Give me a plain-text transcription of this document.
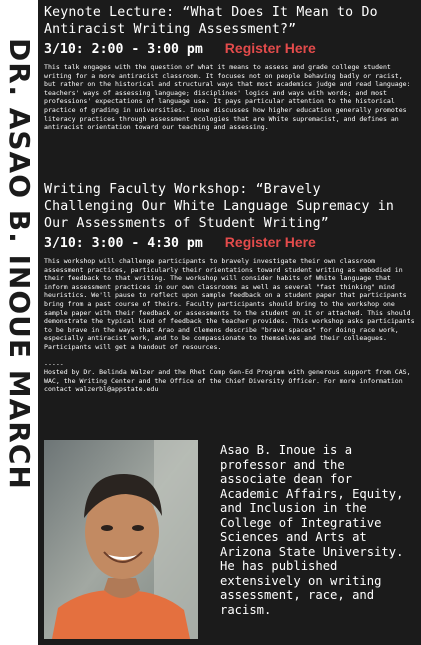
DR. ASAO B. INOUE MARCH

Keynote Lecture: “What Does It Mean to Do Antiracist Writing Assessment?”

3/10: 2:00 - 3:00 pm Register Here

This talk engages with the question of what it means to assess and grade college student writing for a more antiracist classroom. It focuses not on people behaving badly or racist, but rather on the historical and structural ways that most academics judge and read language: teachers' ways of assessing language; disciplines' logics and ways with words; and most professions' expectations of language use. It pays particular attention to the historical practice of grading in universities. Inoue discusses how higher education generally promotes literacy practices through assessment ecologies that are White supremacist, and defines an antiracist orientation toward our teaching and assessing.

Writing Faculty Workshop: “Bravely Challenging Our White Language Supremacy in Our Assessments of Student Writing”

3/10: 3:00 - 4:30 pm Register Here

This workshop will challenge participants to bravely investigate their own classroom assessment practices, particularly their orientations toward student writing as embodied in their feedback to that writing. The workshop will consider habits of White language that inform assessment practices in our own classrooms as well as several "fast thinking" mind heuristics. We'll pause to reflect upon sample feedback on a student paper that participants bring from a past course of theirs. Faculty participants should bring to the workshop one sample paper with their feedback or assessments to the student on it or attached. This should demonstrate the typical kind of feedback the teacher provides. This workshop asks participants to be brave in the ways that Arao and Clemens describe "brave spaces" for doing race work, especially antiracist work, and to be compassionate to themselves and their colleagues. Participants will get a handout of resources.

-----
Hosted by Dr. Belinda Walzer and the Rhet Comp Gen-Ed Program with generous support from CAS, WAC, the Writing Center and the Office of the Chief Diversity Officer. For more information contact walzerbl@appstate.edu
Asao B. Inoue is a professor and the associate dean for Academic Affairs, Equity, and Inclusion in the College of Integrative Sciences and Arts at Arizona State University. He has published extensively on writing assessment, race, and racism.
